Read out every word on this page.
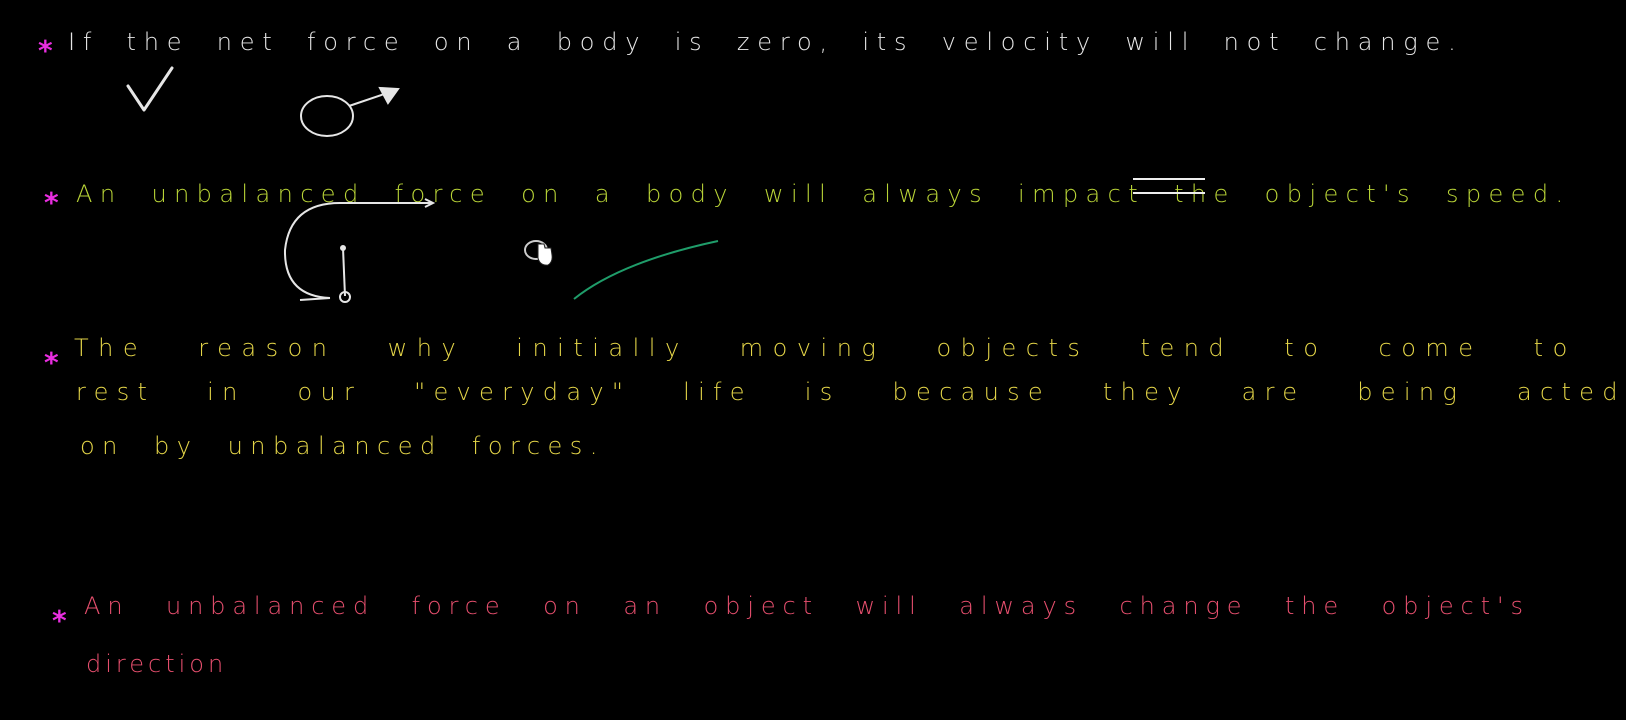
* If the net force on a body is zero, its velocity will not change.

* An unbalanced force on a body will always impact the object's speed.

* The reason why initially moving objects tend to come to

rest in our "everyday" life is because they are being acted

on by unbalanced forces.

* An unbalanced force on an object will always change the object's

direction
